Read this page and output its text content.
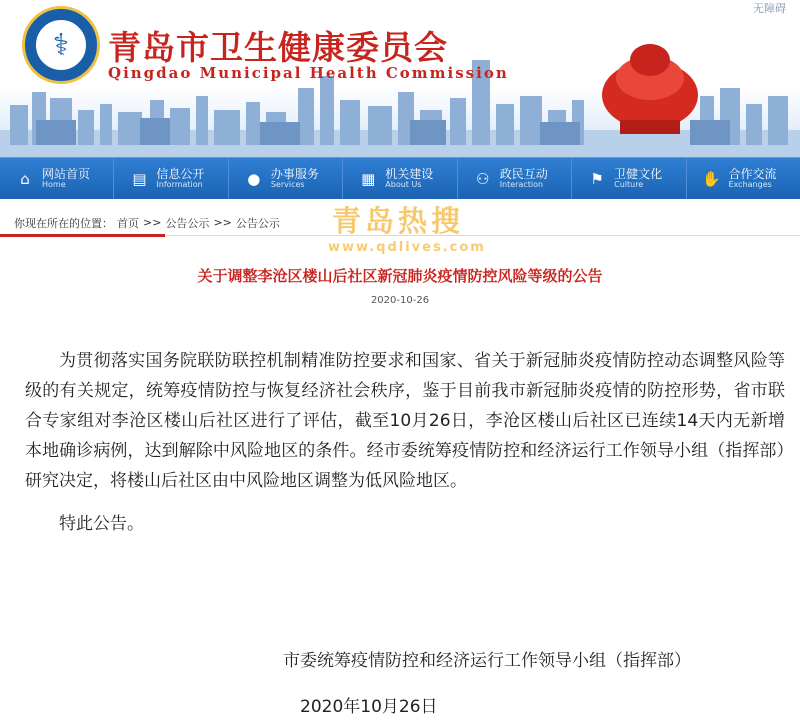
无障碍
⚕	青岛市卫生健康委员会
Qingdao Municipal Health Commission
⌂	网站首页
Home	▤ 信息公开
Information	● 办事服务
Services	▦ 机关建设
About Us	⚇ 政民互动
Interaction	⚑ 卫健文化
Culture	✋ 合作交流
Exchanges
你现在所在的位置： 首页 >> 公告公示 >> 公告公示 青岛热搜
www.qdlives.com
关于调整李沧区楼山后社区新冠肺炎疫情防控风险等级的公告
2020-10-26

为贯彻落实国务院联防联控机制精准防控要求和国家、省关于新冠肺炎疫情防控动态调整风险等级的有关规定，统筹疫情防控与恢复经济社会秩序，鉴于目前我市新冠肺炎疫情的防控形势，省市联合专家组对李沧区楼山后社区进行了评估，截至10月26日，李沧区楼山后社区已连续14天内无新增本地确诊病例，达到解除中风险地区的条件。经市委统筹疫情防控和经济运行工作领导小组（指挥部）研究决定，将楼山后社区由中风险地区调整为低风险地区。

特此公告。
市委统筹疫情防控和经济运行工作领导小组（指挥部）
2020年10月26日
